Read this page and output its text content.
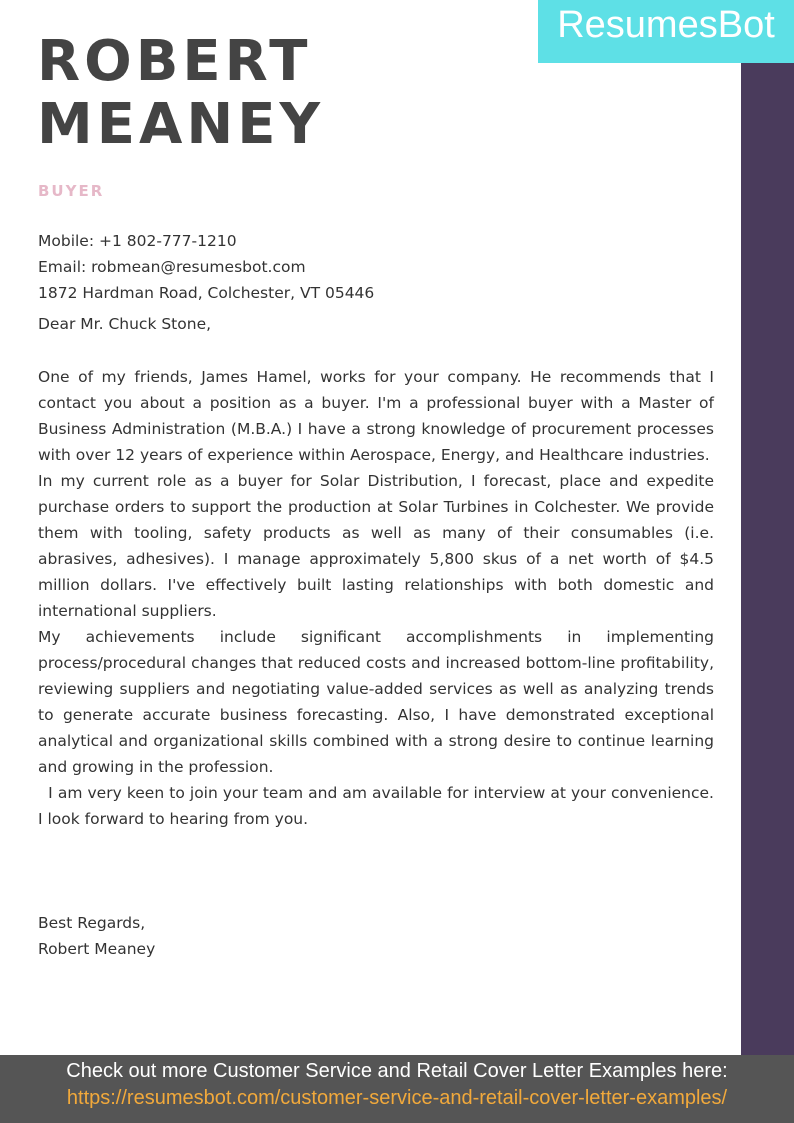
ResumesBot
ROBERT
MEANEY
BUYER
Mobile: +1 802-777-1210
Email: robmean@resumesbot.com
1872 Hardman Road, Colchester, VT 05446
Dear Mr. Chuck Stone,

One of my friends, James Hamel, works for your company. He recommends that I contact you about a position as a buyer. I'm a professional buyer with a Master of Business Administration (M.B.A.) I have a strong knowledge of procurement processes with over 12 years of experience within Aerospace, Energy, and Healthcare industries.

In my current role as a buyer for Solar Distribution, I forecast, place and expedite purchase orders to support the production at Solar Turbines in Colchester. We provide them with tooling, safety products as well as many of their consumables (i.e. abrasives, adhesives). I manage approximately 5,800 skus of a net worth of $4.5 million dollars. I've effectively built lasting relationships with both domestic and international suppliers.

My achievements include significant accomplishments in implementing process/procedural changes that reduced costs and increased bottom-line profitability, reviewing suppliers and negotiating value-added services as well as analyzing trends to generate accurate business forecasting. Also, I have demonstrated exceptional analytical and organizational skills combined with a strong desire to continue learning and growing in the profession.

I am very keen to join your team and am available for interview at your convenience. I look forward to hearing from you.

Best Regards,
Robert Meaney
Check out more Customer Service and Retail Cover Letter Examples here:
https://resumesbot.com/customer-service-and-retail-cover-letter-examples/
